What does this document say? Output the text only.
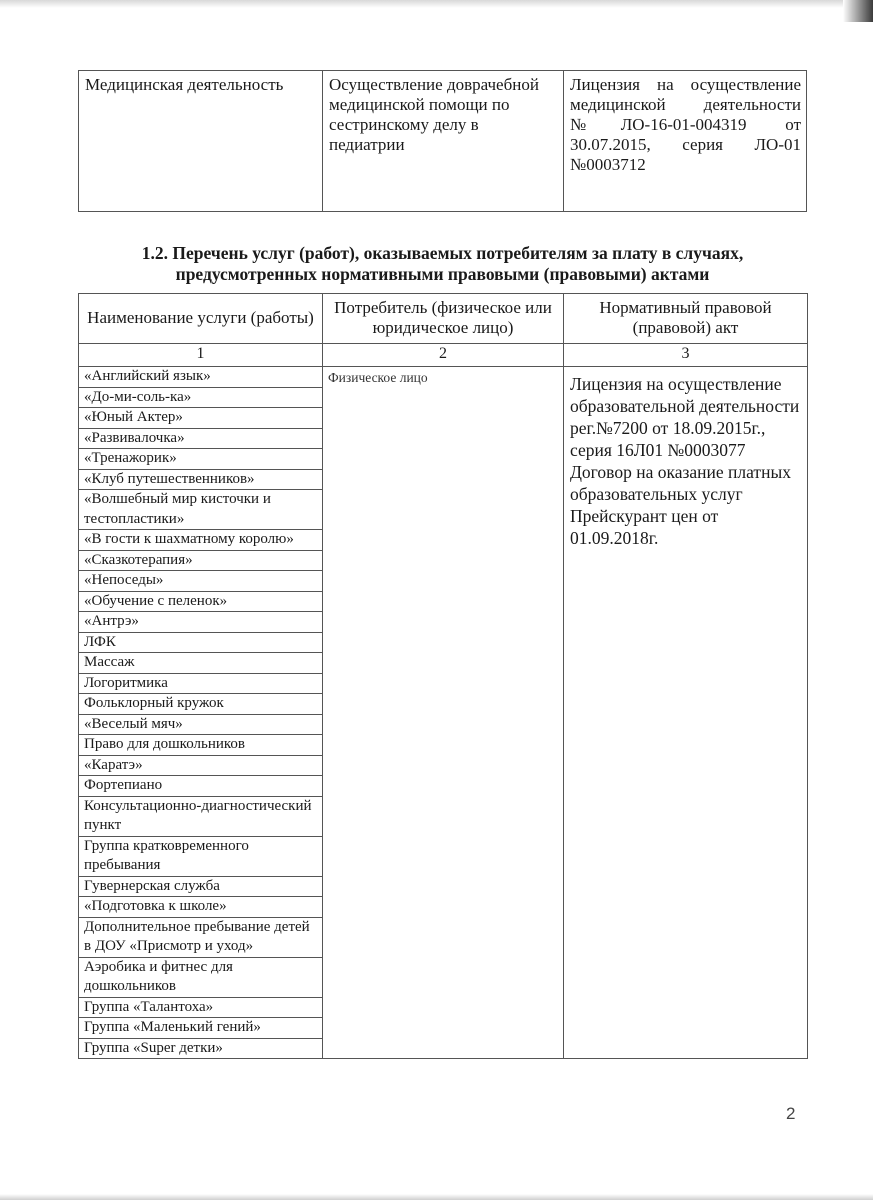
Медицинская деятельность	Осуществление доврачебной медицинской помощи по сестринскому делу в педиатрии	Лицензия на осуществление медицинской деятельности №ЛО-16-01-004319 от 30.07.2015, серия ЛО-01 №0003712
1.2. Перечень услуг (работ), оказываемых потребителям за плату в случаях,
предусмотренных нормативными правовыми (правовыми) актами
Наименование услуги (работы)	Потребитель (физическое или юридическое лицо)	Нормативный правовой (правовой) акт
1	2	3
«Английский язык»	Физическое лицо	Лицензия на осуществление образовательной деятельности рег.№7200 от 18.09.2015г., серия 16Л01 №0003077
Договор на оказание платных образовательных услуг
Прейскурант цен от 01.09.2018г.

«До-ми-соль-ка»		
«Юный Актер»		
«Развивалочка»		
«Тренажорик»		
«Клуб путешественников»		
«Волшебный мир кисточки и тестопластики»		
«В гости к шахматному королю»		
«Сказкотерапия»		
«Непоседы»		
«Обучение с пеленок»		
«Антрэ»		
ЛФК		
Массаж		
Логоритмика		
Фольклорный кружок		
«Веселый мяч»		
Право для дошкольников		
«Каратэ»		
Фортепиано		
Консультационно-диагностический пункт		
Группа кратковременного пребывания		
Гувернерская служба		
«Подготовка к школе»		
Дополнительное пребывание детей в ДОУ «Присмотр и уход»		
Аэробика и фитнес для дошкольников		
Группа «Талантоха»		
Группа «Маленький гений»		
Группа «Super детки»		
2
